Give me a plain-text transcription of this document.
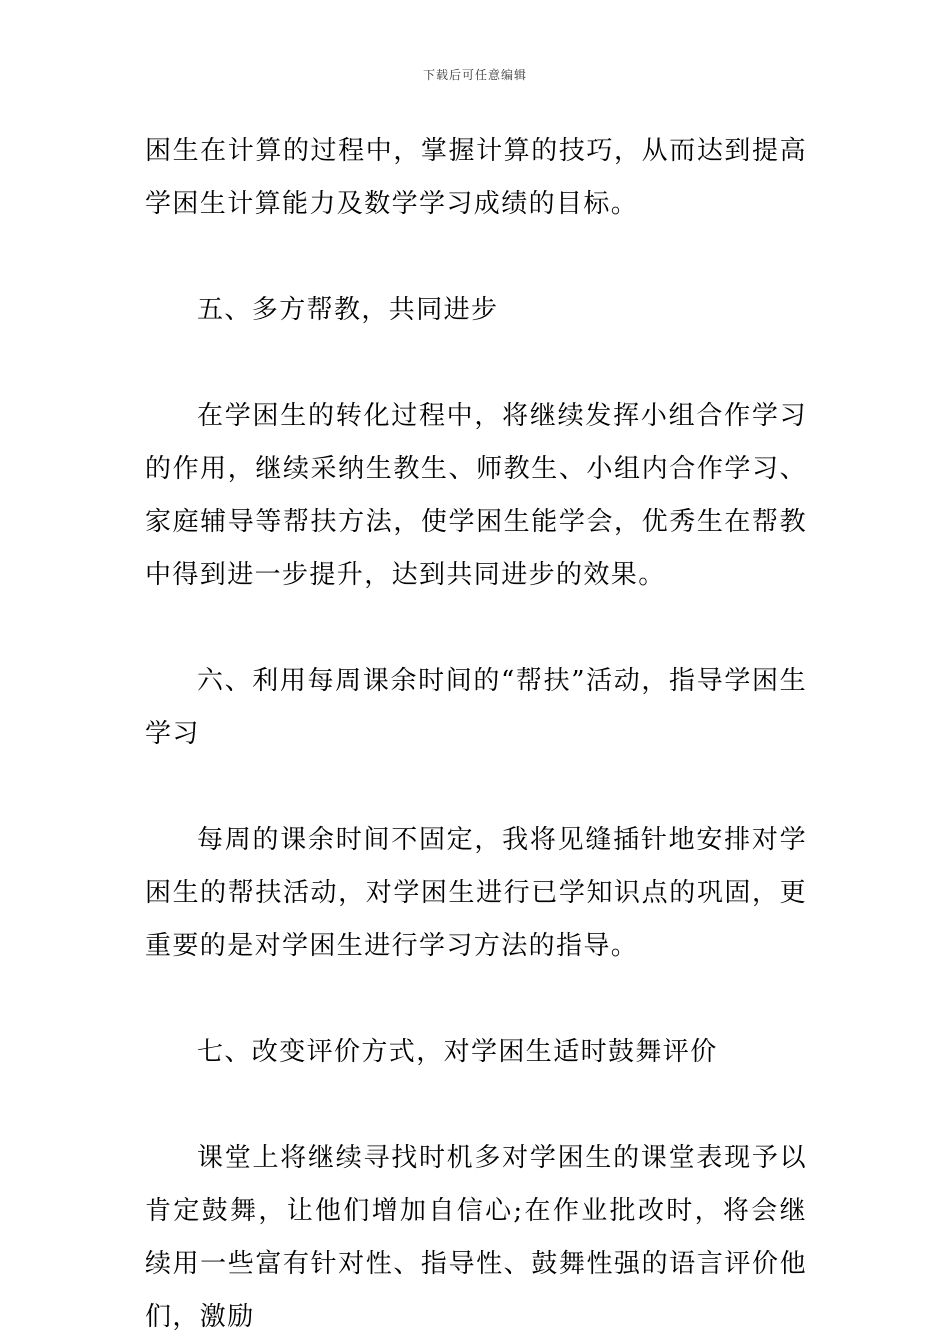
下载后可任意编辑

困生在计算的过程中，掌握计算的技巧，从而达到提高学困生计算能力及数学学习成绩的目标。

五、多方帮教，共同进步

在学困生的转化过程中，将继续发挥小组合作学习的作用，继续采纳生教生、师教生、小组内合作学习、家庭辅导等帮扶方法，使学困生能学会，优秀生在帮教中得到进一步提升，达到共同进步的效果。

六、利用每周课余时间的“帮扶”活动，指导学困生学习

每周的课余时间不固定，我将见缝插针地安排对学困生的帮扶活动，对学困生进行已学知识点的巩固，更重要的是对学困生进行学习方法的指导。

七、改变评价方式，对学困生适时鼓舞评价

课堂上将继续寻找时机多对学困生的课堂表现予以肯定鼓舞，让他们增加自信心;在作业批改时，将会继续用一些富有针对性、指导性、鼓舞性强的语言评价他们，激励
